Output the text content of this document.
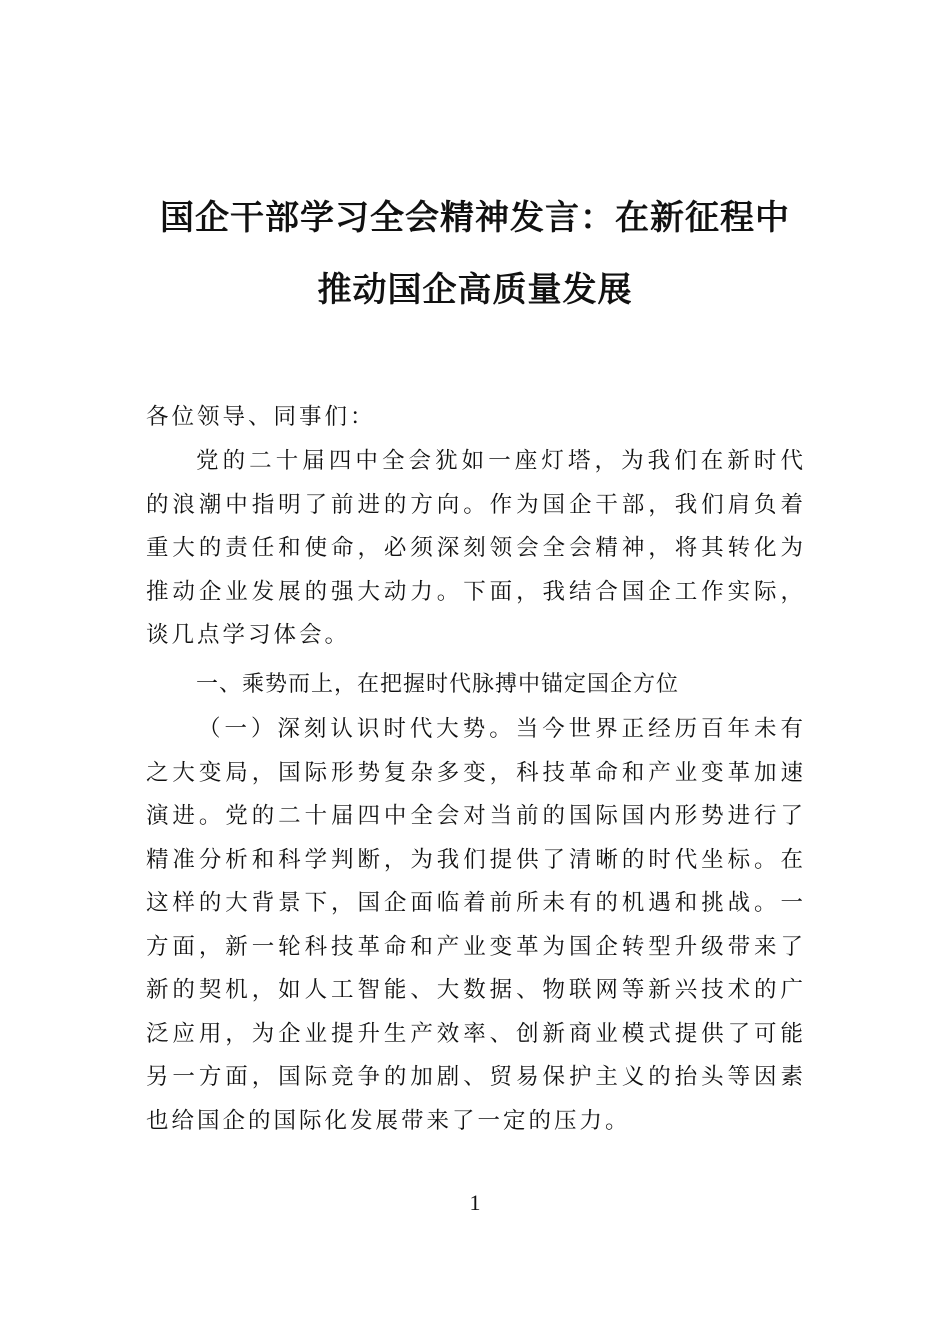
国企干部学习全会精神发言：在新征程中
推动国企高质量发展
各位领导、同事们：
党的二十届四中全会犹如一座灯塔，为我们在新时代的浪潮中指明了前进的方向。作为国企干部，我们肩负着重大的责任和使命，必须深刻领会全会精神，将其转化为推动企业发展的强大动力。下面，我结合国企工作实际，谈几点学习体会。
一、乘势而上，在把握时代脉搏中锚定国企方位
（一）深刻认识时代大势。当今世界正经历百年未有之大变局，国际形势复杂多变，科技革命和产业变革加速演进。党的二十届四中全会对当前的国际国内形势进行了精准分析和科学判断，为我们提供了清晰的时代坐标。在这样的大背景下，国企面临着前所未有的机遇和挑战。一方面，新一轮科技革命和产业变革为国企转型升级带来了新的契机，如人工智能、大数据、物联网等新兴技术的广泛应用，为企业提升生产效率、创新商业模式提供了可能另一方面，国际竞争的加剧、贸易保护主义的抬头等因素也给国企的国际化发展带来了一定的压力。
1
